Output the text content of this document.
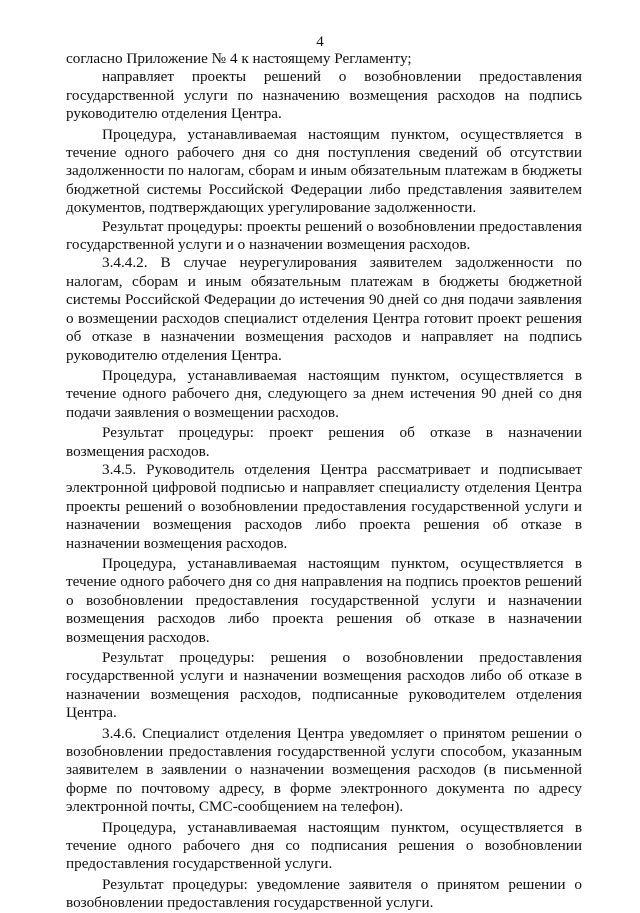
4

согласно Приложение № 4 к настоящему Регламенту;

направляет проекты решений о возобновлении предоставления государственной услуги по назначению возмещения расходов на подпись руководителю отделения Центра.

Процедура, устанавливаемая настоящим пунктом, осуществляется в течение одного рабочего дня со дня поступления сведений об отсутствии задолженности по налогам, сборам и иным обязательным платежам в бюджеты бюджетной системы Российской Федерации либо представления заявителем документов, подтверждающих урегулирование задолженности.

Результат процедуры: проекты решений о возобновлении предоставления государственной услуги и о назначении возмещения расходов.

3.4.4.2. В случае неурегулирования заявителем задолженности по налогам, сборам и иным обязательным платежам в бюджеты бюджетной системы Российской Федерации до истечения 90 дней со дня подачи заявления о возмещении расходов специалист отделения Центра готовит проект решения об отказе в назначении возмещения расходов и направляет на подпись руководителю отделения Центра.

Процедура, устанавливаемая настоящим пунктом, осуществляется в течение одного рабочего дня, следующего за днем истечения 90 дней со дня подачи заявления о возмещении расходов.

Результат процедуры: проект решения об отказе в назначении возмещения расходов.

3.4.5. Руководитель отделения Центра рассматривает и подписывает электронной цифровой подписью и направляет специалисту отделения Центра проекты решений о возобновлении предоставления государственной услуги и назначении возмещения расходов либо проекта решения об отказе в назначении возмещения расходов.

Процедура, устанавливаемая настоящим пунктом, осуществляется в течение одного рабочего дня со дня направления на подпись проектов решений о возобновлении предоставления государственной услуги и назначении возмещения расходов либо проекта решения об отказе в назначении возмещения расходов.

Результат процедуры: решения о возобновлении предоставления государственной услуги и назначении возмещения расходов либо об отказе в назначении возмещения расходов, подписанные руководителем отделения Центра.

3.4.6. Специалист отделения Центра уведомляет о принятом решении о возобновлении предоставления государственной услуги способом, указанным заявителем в заявлении о назначении возмещения расходов (в письменной форме по почтовому адресу, в форме электронного документа по адресу электронной почты, СМС-сообщением на телефон).

Процедура, устанавливаемая настоящим пунктом, осуществляется в течение одного рабочего дня со подписания решения о возобновлении предоставления государственной услуги.

Результат процедуры: уведомление заявителя о принятом решении о возобновлении предоставления государственной услуги.
